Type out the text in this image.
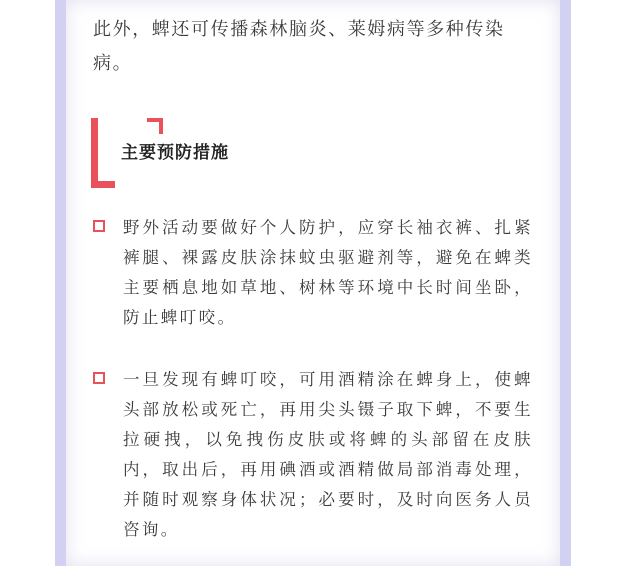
此外，蜱还可传播森林脑炎、莱姆病等多种传染病。

主要预防措施

野外活动要做好个人防护，应穿长袖衣裤、扎紧裤腿、裸露皮肤涂抹蚊虫驱避剂等，避免在蜱类主要栖息地如草地、树林等环境中长时间坐卧，防止蜱叮咬。

一旦发现有蜱叮咬，可用酒精涂在蜱身上，使蜱头部放松或死亡，再用尖头镊子取下蜱，不要生拉硬拽，以免拽伤皮肤或将蜱的头部留在皮肤内，取出后，再用碘酒或酒精做局部消毒处理，并随时观察身体状况；必要时，及时向医务人员咨询。
